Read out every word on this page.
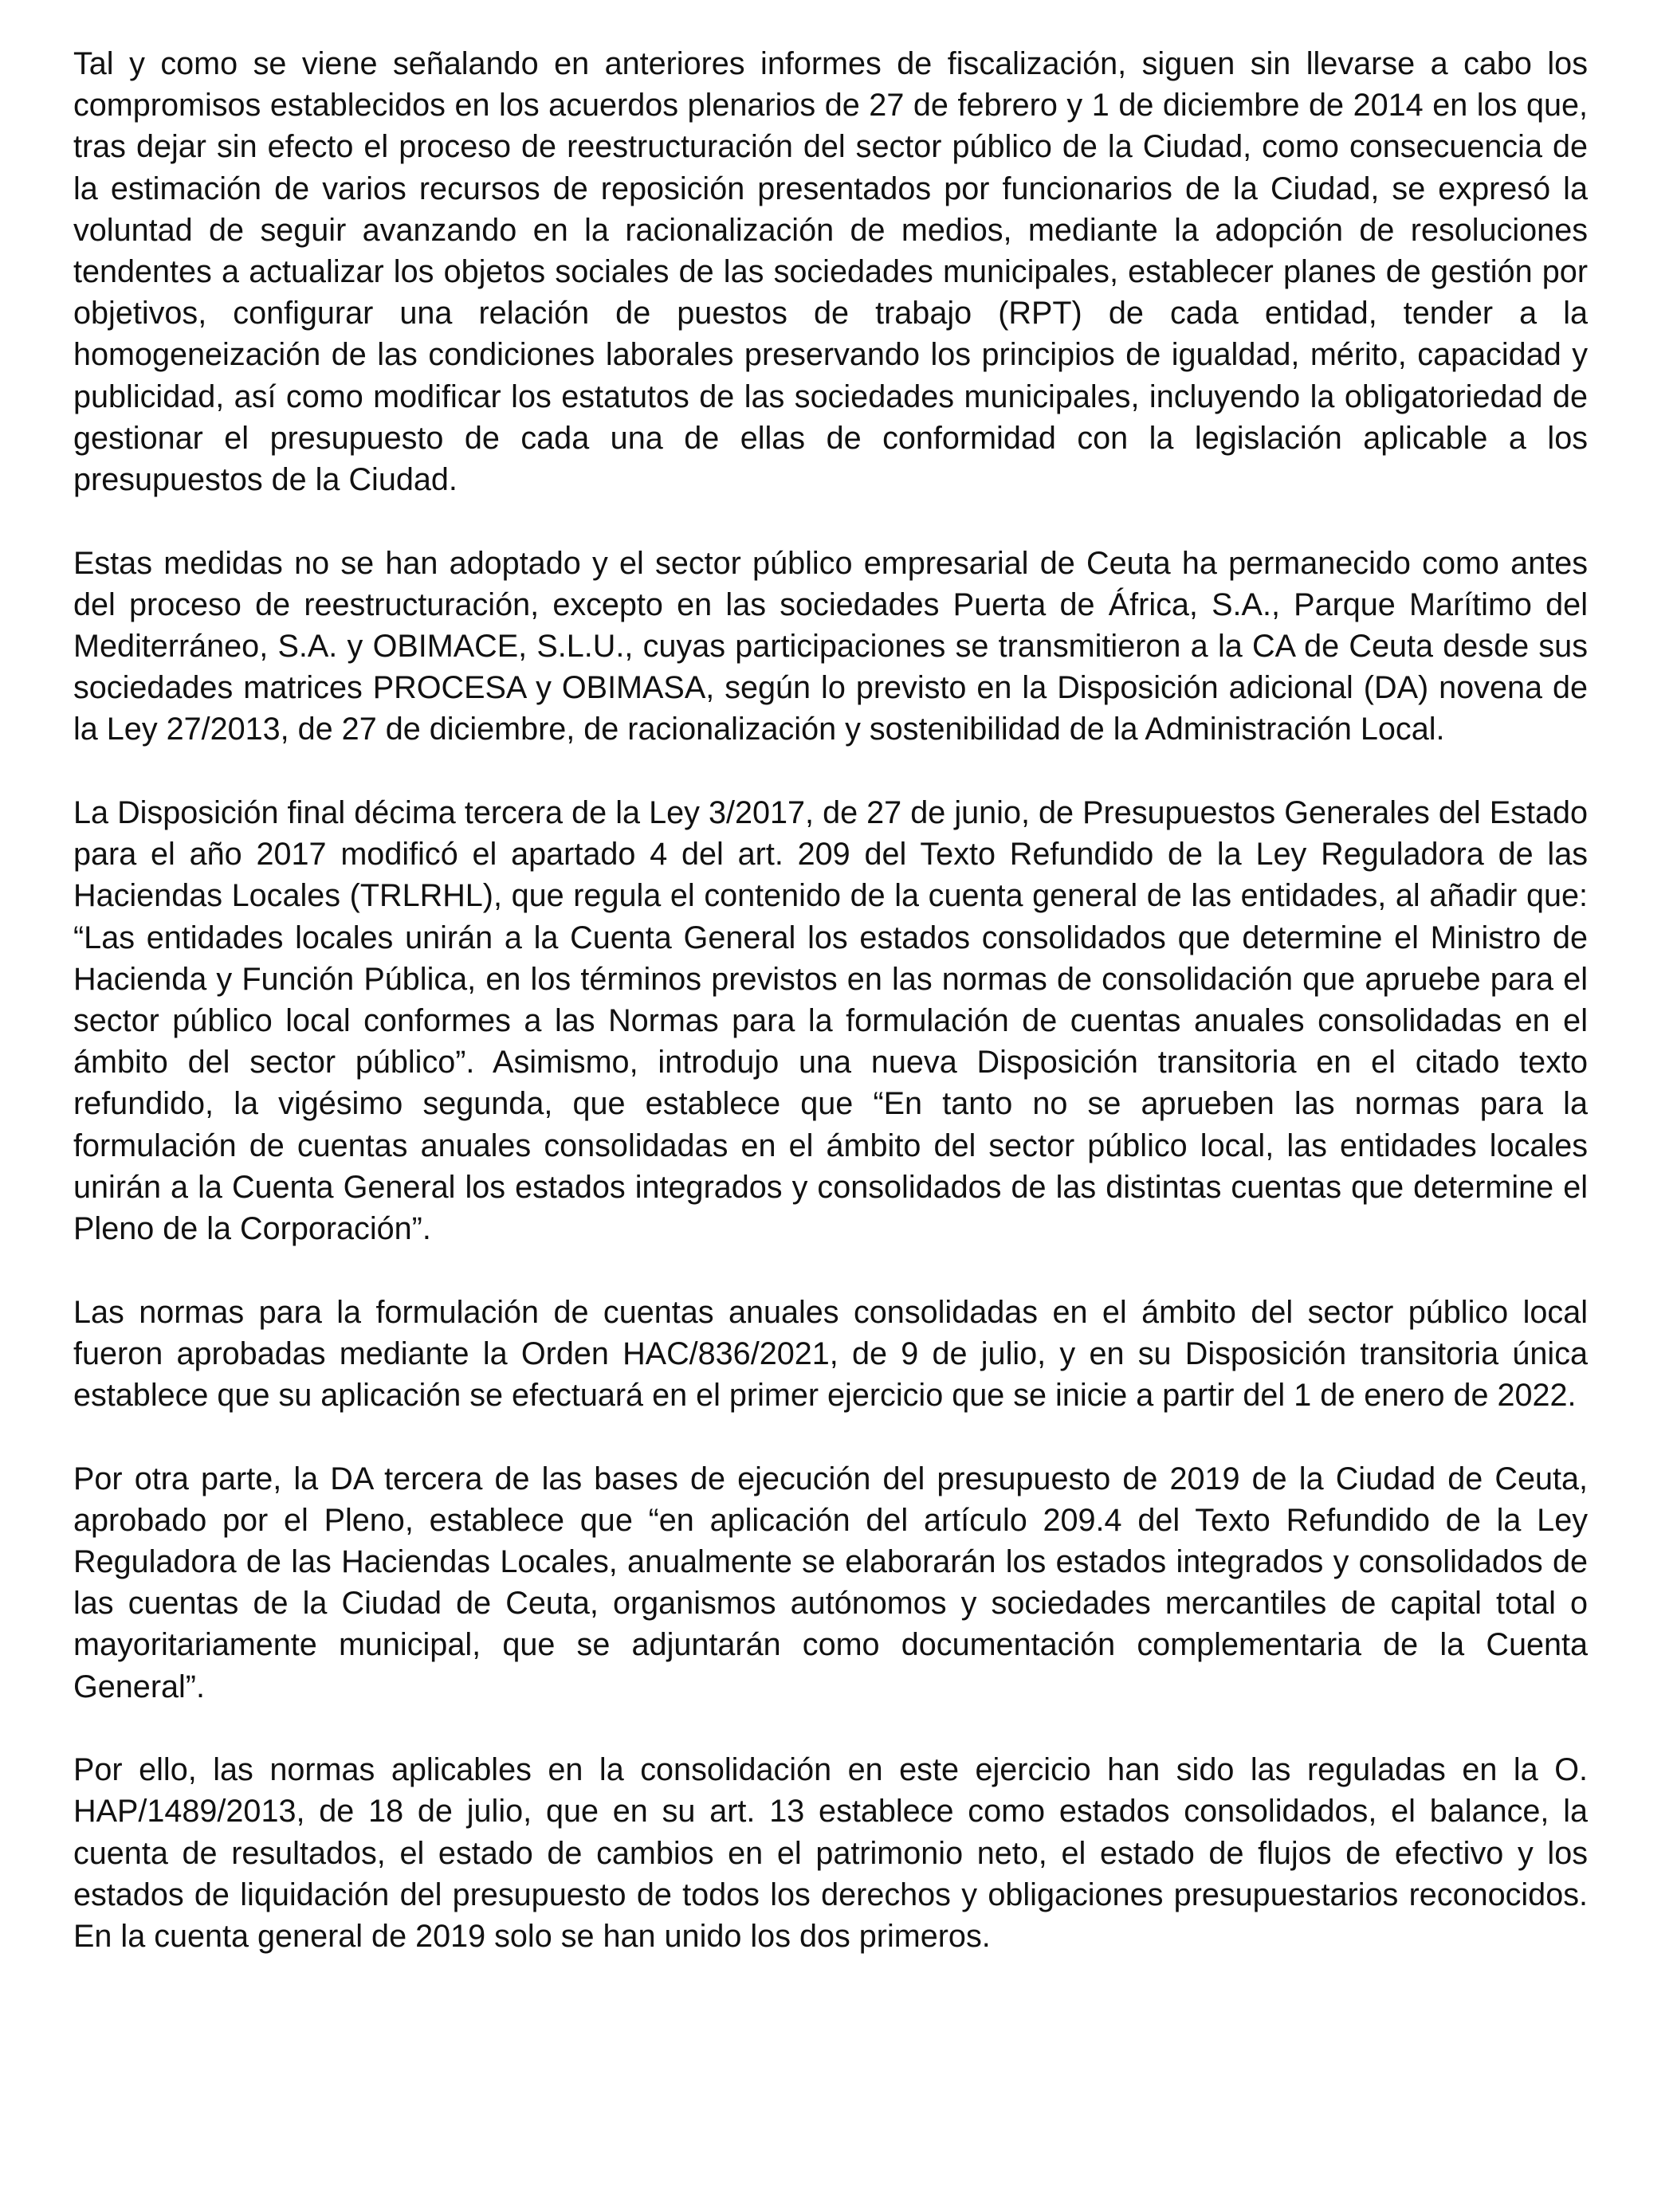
Tal y como se viene señalando en anteriores informes de fiscalización, siguen sin llevarse a cabo los compromisos establecidos en los acuerdos plenarios de 27 de febrero y 1 de diciembre de 2014 en los que, tras dejar sin efecto el proceso de reestructuración del sector público de la Ciudad, como consecuencia de la estimación de varios recursos de reposición presentados por funcionarios de la Ciudad, se expresó la voluntad de seguir avanzando en la racionalización de medios, mediante la adopción de resoluciones tendentes a actualizar los objetos sociales de las sociedades municipales, establecer planes de gestión por objetivos, configurar una relación de puestos de trabajo (RPT) de cada entidad, tender a la homogeneización de las condiciones laborales preservando los principios de igualdad, mérito, capacidad y publicidad, así como modificar los estatutos de las sociedades municipales, incluyendo la obligatoriedad de gestionar el presupuesto de cada una de ellas de conformidad con la legislación aplicable a los presupuestos de la Ciudad.

Estas medidas no se han adoptado y el sector público empresarial de Ceuta ha permanecido como antes del proceso de reestructuración, excepto en las sociedades Puerta de África, S.A., Parque Marítimo del Mediterráneo, S.A. y OBIMACE, S.L.U., cuyas participaciones se transmitieron a la CA de Ceuta desde sus sociedades matrices PROCESA y OBIMASA, según lo previsto en la Disposición adicional (DA) novena de la Ley 27/2013, de 27 de diciembre, de racionalización y sostenibilidad de la Administración Local.

La Disposición final décima tercera de la Ley 3/2017, de 27 de junio, de Presupuestos Generales del Estado para el año 2017 modificó el apartado 4 del art. 209 del Texto Refundido de la Ley Reguladora de las Haciendas Locales (TRLRHL), que regula el contenido de la cuenta general de las entidades, al añadir que: “Las entidades locales unirán a la Cuenta General los estados consolidados que determine el Ministro de Hacienda y Función Pública, en los términos previstos en las normas de consolidación que apruebe para el sector público local conformes a las Normas para la formulación de cuentas anuales consolidadas en el ámbito del sector público”. Asimismo, introdujo una nueva Disposición transitoria en el citado texto refundido, la vigésimo segunda, que establece que “En tanto no se aprueben las normas para la formulación de cuentas anuales consolidadas en el ámbito del sector público local, las entidades locales unirán a la Cuenta General los estados integrados y consolidados de las distintas cuentas que determine el Pleno de la Corporación”.

Las normas para la formulación de cuentas anuales consolidadas en el ámbito del sector público local fueron aprobadas mediante la Orden HAC/836/2021, de 9 de julio, y en su Disposición transitoria única establece que su aplicación se efectuará en el primer ejercicio que se inicie a partir del 1 de enero de 2022.

Por otra parte, la DA tercera de las bases de ejecución del presupuesto de 2019 de la Ciudad de Ceuta, aprobado por el Pleno, establece que “en aplicación del artículo 209.4 del Texto Refundido de la Ley Reguladora de las Haciendas Locales, anualmente se elaborarán los estados integrados y consolidados de las cuentas de la Ciudad de Ceuta, organismos autónomos y sociedades mercantiles de capital total o mayoritariamente municipal, que se adjuntarán como documentación complementaria de la Cuenta General”.

Por ello, las normas aplicables en la consolidación en este ejercicio han sido las reguladas en la O. HAP/1489/2013, de 18 de julio, que en su art. 13 establece como estados consolidados, el balance, la cuenta de resultados, el estado de cambios en el patrimonio neto, el estado de flujos de efectivo y los estados de liquidación del presupuesto de todos los derechos y obligaciones presupuestarios reconocidos. En la cuenta general de 2019 solo se han unido los dos primeros.
